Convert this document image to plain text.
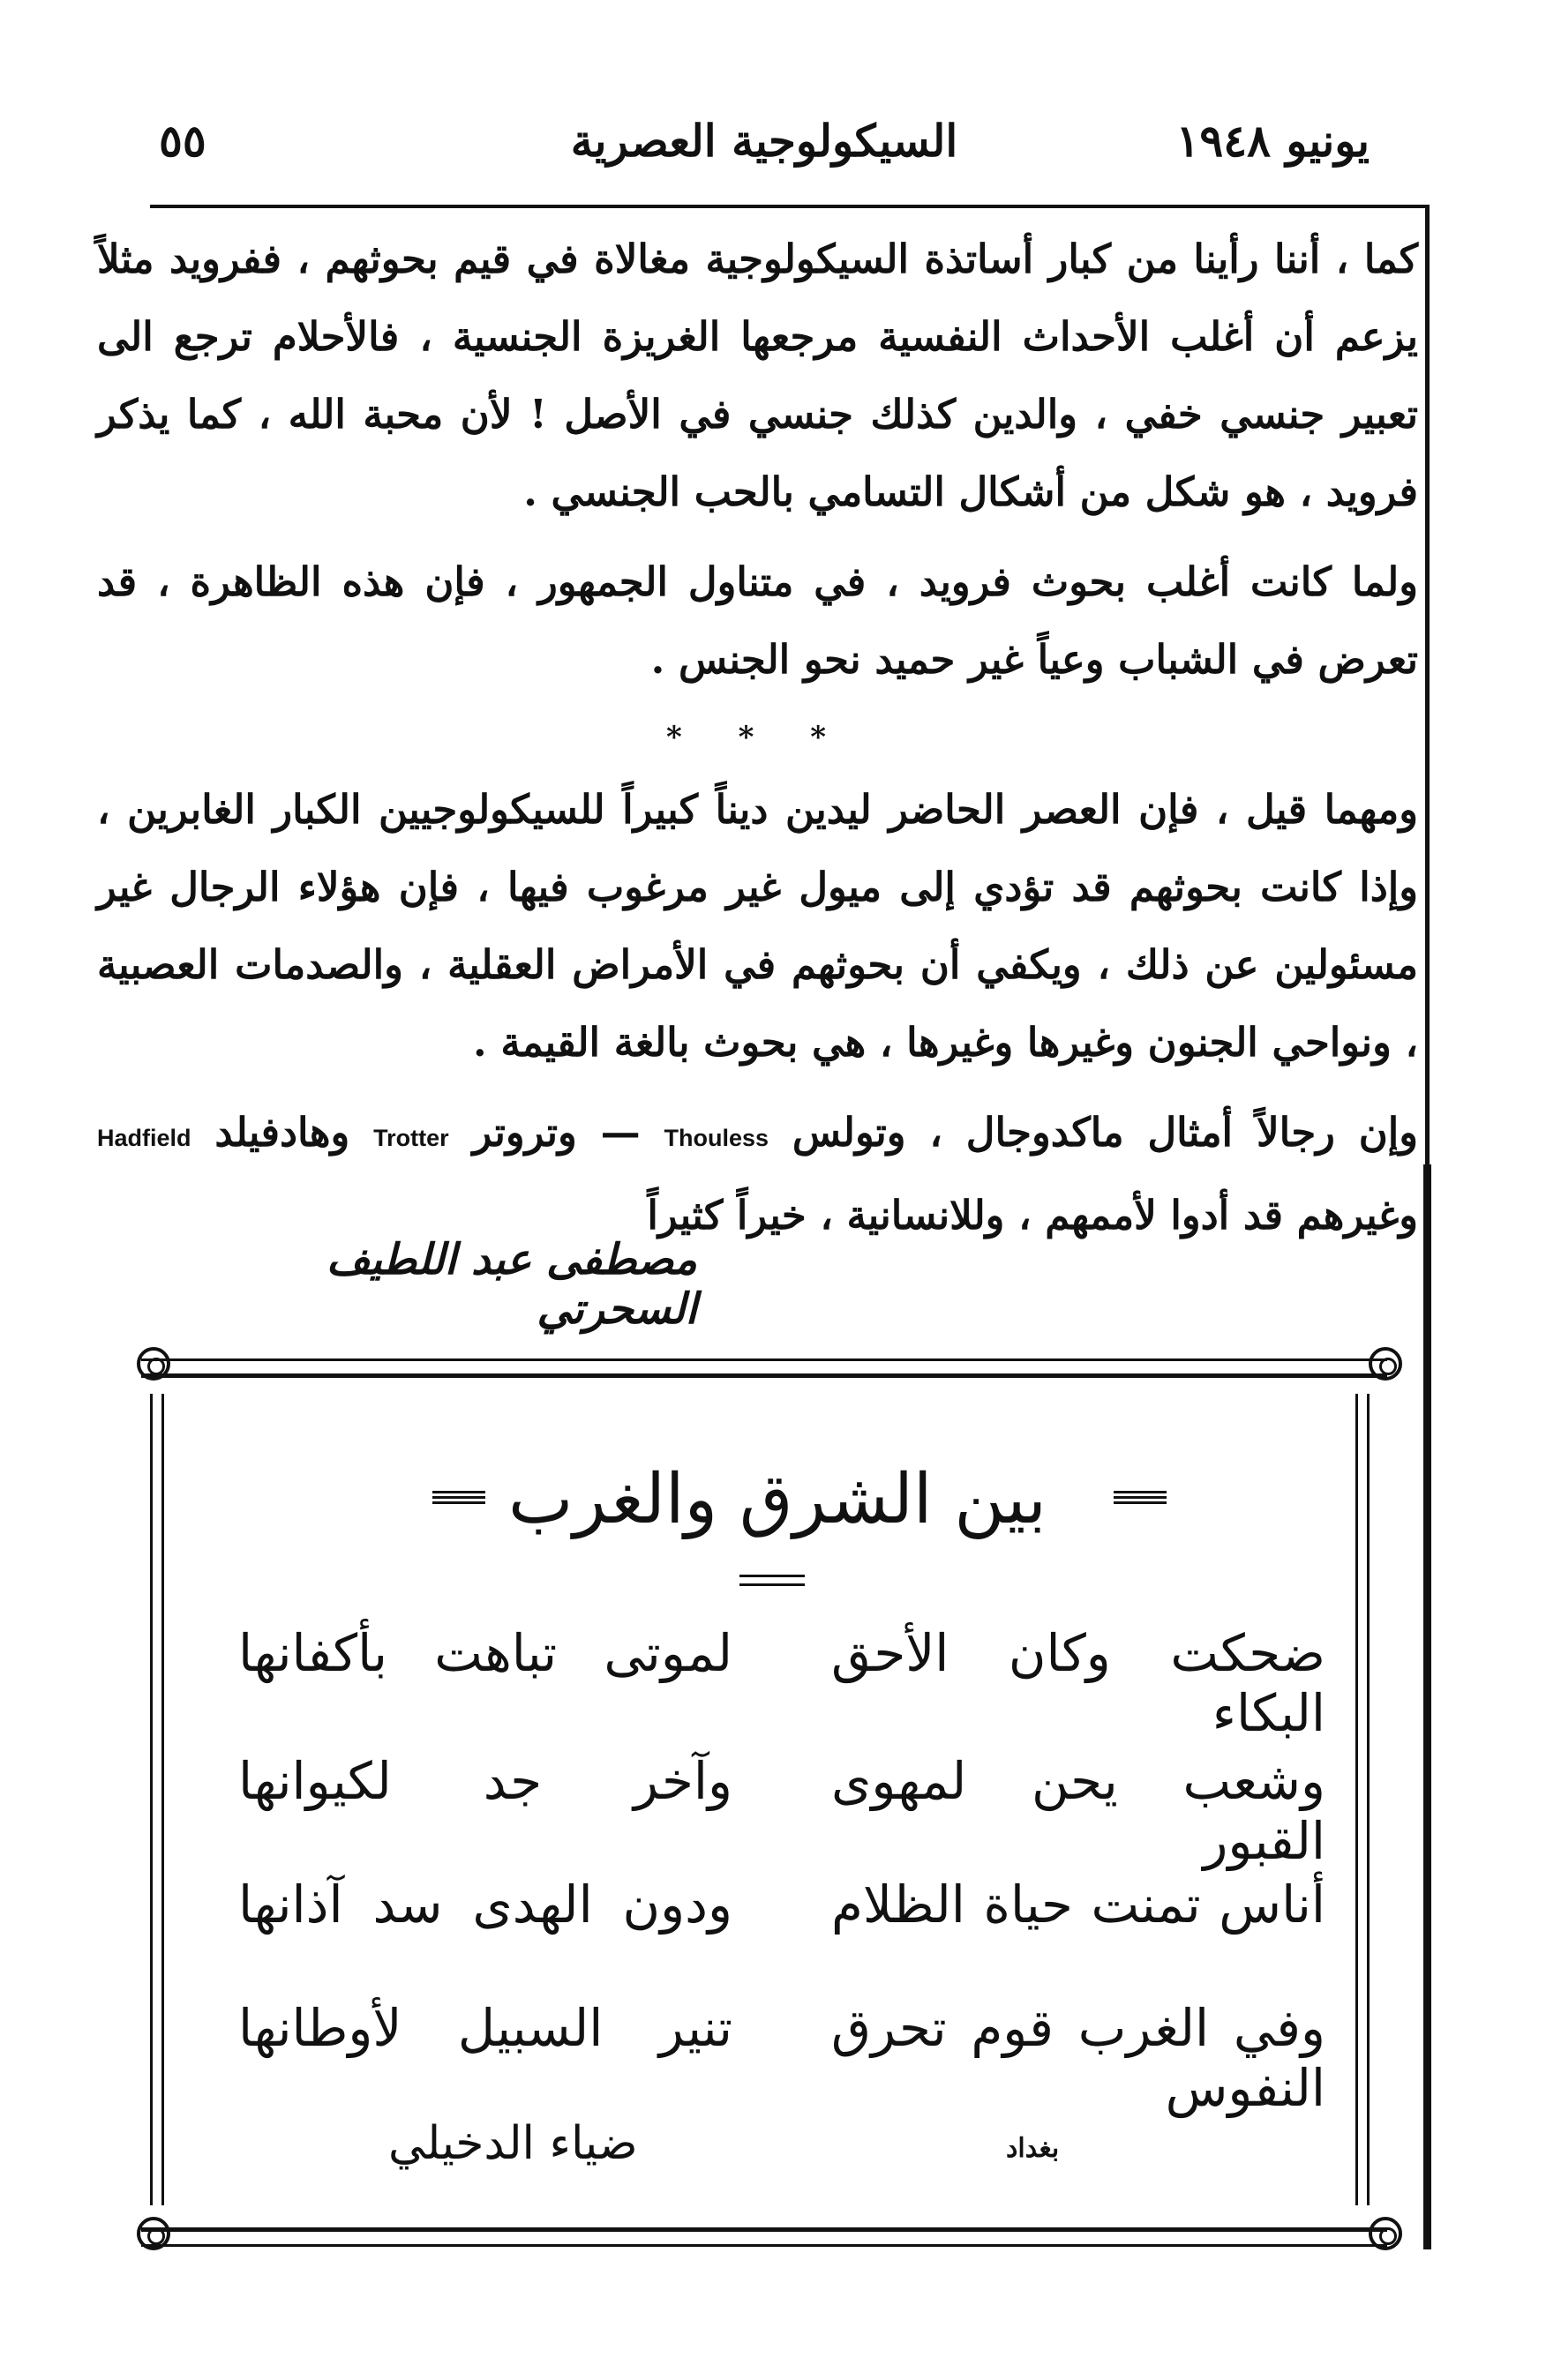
٥٥	السيكولوجية العصرية	يونيو ١٩٤٨

كما ، أننا رأينا من كبار أساتذة السيكولوجية مغالاة في قيم بحوثهم ، ففرويد مثلاً يزعم أن أغلب الأحداث النفسية مرجعها الغريزة الجنسية ، فالأحلام ترجع الى تعبير جنسي خفي ، والدين كذلك جنسي في الأصل ! لأن محبة الله ، كما يذكر فرويد ، هو شكل من أشكال التسامي بالحب الجنسي .

ولما كانت أغلب بحوث فرويد ، في متناول الجمهور ، فإن هذه الظاهرة ، قد تعرض في الشباب وعياً غير حميد نحو الجنس .

* * *

ومهما قيل ، فإن العصر الحاضر ليدين ديناً كبيراً للسيكولوجيين الكبار الغابرين ، وإذا كانت بحوثهم قد تؤدي إلى ميول غير مرغوب فيها ، فإن هؤلاء الرجال غير مسئولين عن ذلك ، ويكفي أن بحوثهم في الأمراض العقلية ، والصدمات العصبية ، ونواحي الجنون وغيرها وغيرها ، هي بحوث بالغة القيمة .

وإن رجالاً أمثال ماكدوجال ، وتولس Thouless — وتروتر Trotter وهادفيلد Hadfield وغيرهم قد أدوا لأممهم ، وللانسانية ، خيراً كثيراً

مصطفى عبد اللطيف السحرتي
بين الشرق والغرب
ضحكت وكان الأحق البكاء
لموتى تباهت بأكفانها
وشعب يحن لمهوى القبور
وآخر جد لكيوانها
أناس تمنت حياة الظلام
ودون الهدى سد آذانها
وفي الغرب قوم تحرق النفوس
تنير السبيل لأوطانها
بغداد
ضياء الدخيلي
